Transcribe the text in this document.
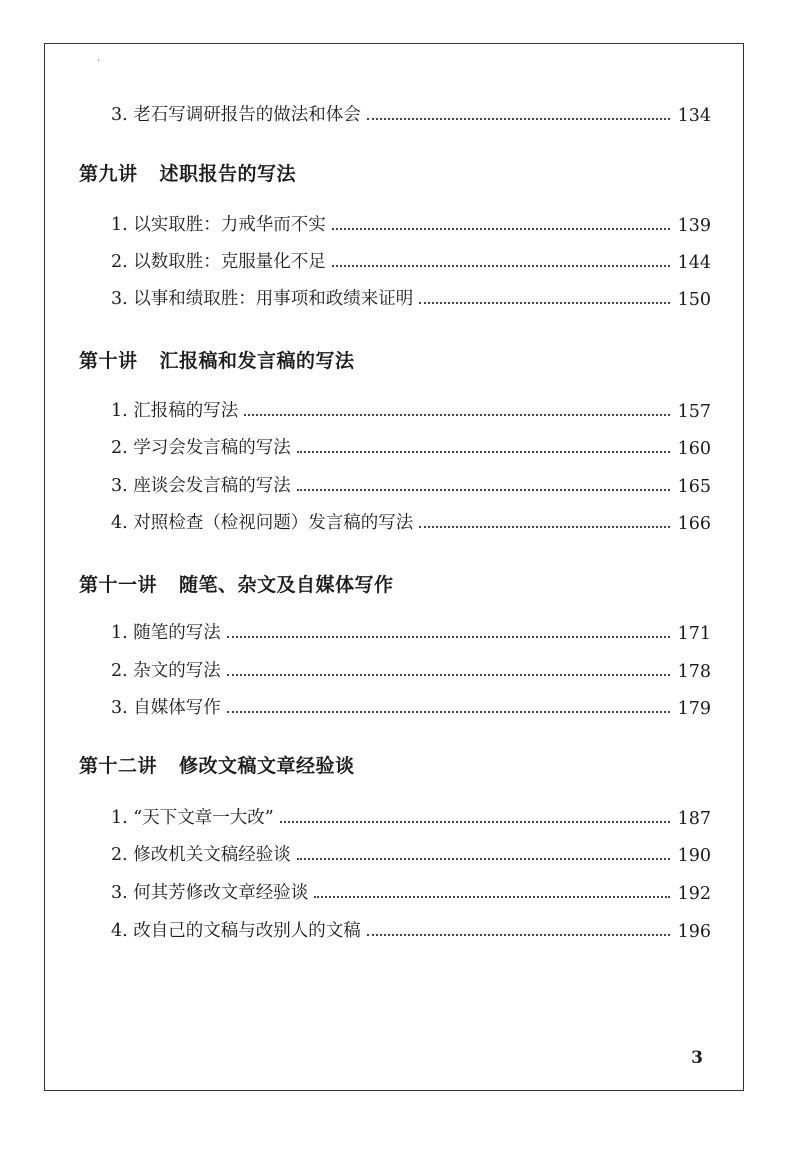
·
3. 老石写调研报告的做法和体会	134
第九讲 述职报告的写法
1. 以实取胜：力戒华而不实	139
2. 以数取胜：克服量化不足	144
3. 以事和绩取胜：用事项和政绩来证明	150
第十讲 汇报稿和发言稿的写法
1. 汇报稿的写法	157
2. 学习会发言稿的写法	160
3. 座谈会发言稿的写法	165
4. 对照检查（检视问题）发言稿的写法	166
第十一讲 随笔、杂文及自媒体写作
1. 随笔的写法	171
2. 杂文的写法	178
3. 自媒体写作	179
第十二讲 修改文稿文章经验谈
1. “天下文章一大改”	187
2. 修改机关文稿经验谈	190
3. 何其芳修改文章经验谈	192
4. 改自己的文稿与改别人的文稿	196
3
